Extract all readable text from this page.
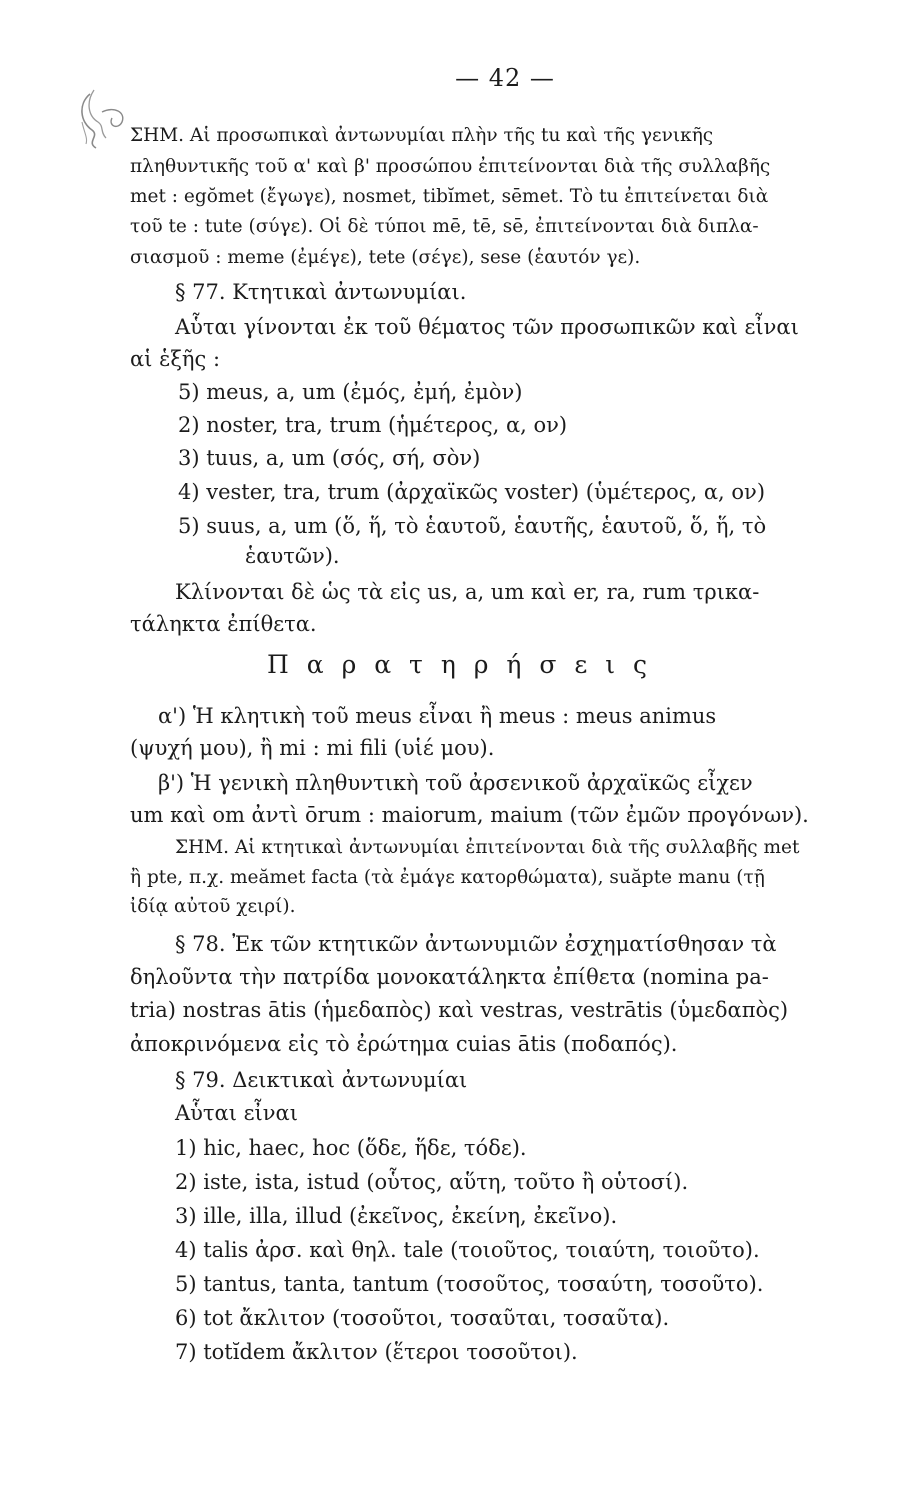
— 42 —
ΣΗΜ. Αἱ προσωπικαὶ ἀντωνυμίαι πλὴν τῆς tu καὶ τῆς γενικῆς
πληθυντικῆς τοῦ α' καὶ β' προσώπου ἐπιτείνονται διὰ τῆς συλλαβῆς
met : egŏmet (ἔγωγε), nosmet, tibĭmet, sēmet. Τὸ tu ἐπιτείνεται διὰ
τοῦ te : tute (σύγε). Οἱ δὲ τύποι mē, tē, sē, ἐπιτείνονται διὰ διπλα-
σιασμοῦ : meme (ἐμέγε), tete (σέγε), sese (ἑαυτόν γε).
§ 77. Κτητικαὶ ἀντωνυμίαι.
Αὗται γίνονται ἐκ τοῦ θέματος τῶν προσωπικῶν καὶ εἶναι
αἱ ἑξῆς :
5) meus, a, um (ἐμός, ἐμή, ἐμὸν)
2) noster, tra, trum (ἡμέτερος, α, ον)
3) tuus, a, um (σός, σή, σὸν)
4) vester, tra, trum (ἀρχαϊκῶς voster) (ὑμέτερος, α, ον)
5) suus, a, um (ὅ, ἥ, τὸ ἑαυτοῦ, ἑαυτῆς, ἑαυτοῦ, ὅ, ἥ, τὸ
ἑαυτῶν).
Κλίνονται δὲ ὡς τὰ εἰς us, a, um καὶ er, ra, rum τρικα-
τάληκτα ἐπίθετα.
Π α ρ α τ η ρ ή σ ε ι ς
α') Ἡ κλητικὴ τοῦ meus εἶναι ἢ meus : meus animus
(ψυχή μου), ἢ mi : mi fili (υἱέ μου).
β') Ἡ γενικὴ πληθυντικὴ τοῦ ἀρσενικοῦ ἀρχαϊκῶς εἶχεν
um καὶ om ἀντὶ ōrum : maiorum, maium (τῶν ἐμῶν προγόνων).
ΣΗΜ. Αἱ κτητικαὶ ἀντωνυμίαι ἐπιτείνονται διὰ τῆς συλλαβῆς met
ἢ pte, π.χ. meămet facta (τὰ ἐμάγε κατορθώματα), suăpte manu (τῇ
ἰδίᾳ αὐτοῦ χειρί).
§ 78. Ἐκ τῶν κτητικῶν ἀντωνυμιῶν ἐσχηματίσθησαν τὰ
δηλοῦντα τὴν πατρίδα μονοκατάληκτα ἐπίθετα (nomina pa-
tria) nostras ātis (ἡμεδαπὸς) καὶ vestras, vestrātis (ὑμεδαπὸς)
ἀποκρινόμενα εἰς τὸ ἐρώτημα cuias ātis (ποδαπός).
§ 79. Δεικτικαὶ ἀντωνυμίαι
Αὗται εἶναι
1) hic, haec, hoc (ὅδε, ἥδε, τόδε).
2) iste, ista, istud (οὗτος, αὕτη, τοῦτο ἢ οὑτοσί).
3) ille, illa, illud (ἐκεῖνος, ἐκείνη, ἐκεῖνο).
4) talis ἀρσ. καὶ θηλ. tale (τοιοῦτος, τοιαύτη, τοιοῦτο).
5) tantus, tanta, tantum (τοσοῦτος, τοσαύτη, τοσοῦτο).
6) tot ἄκλιτον (τοσοῦτοι, τοσαῦται, τοσαῦτα).
7) totĭdem ἄκλιτον (ἕτεροι τοσοῦτοι).
